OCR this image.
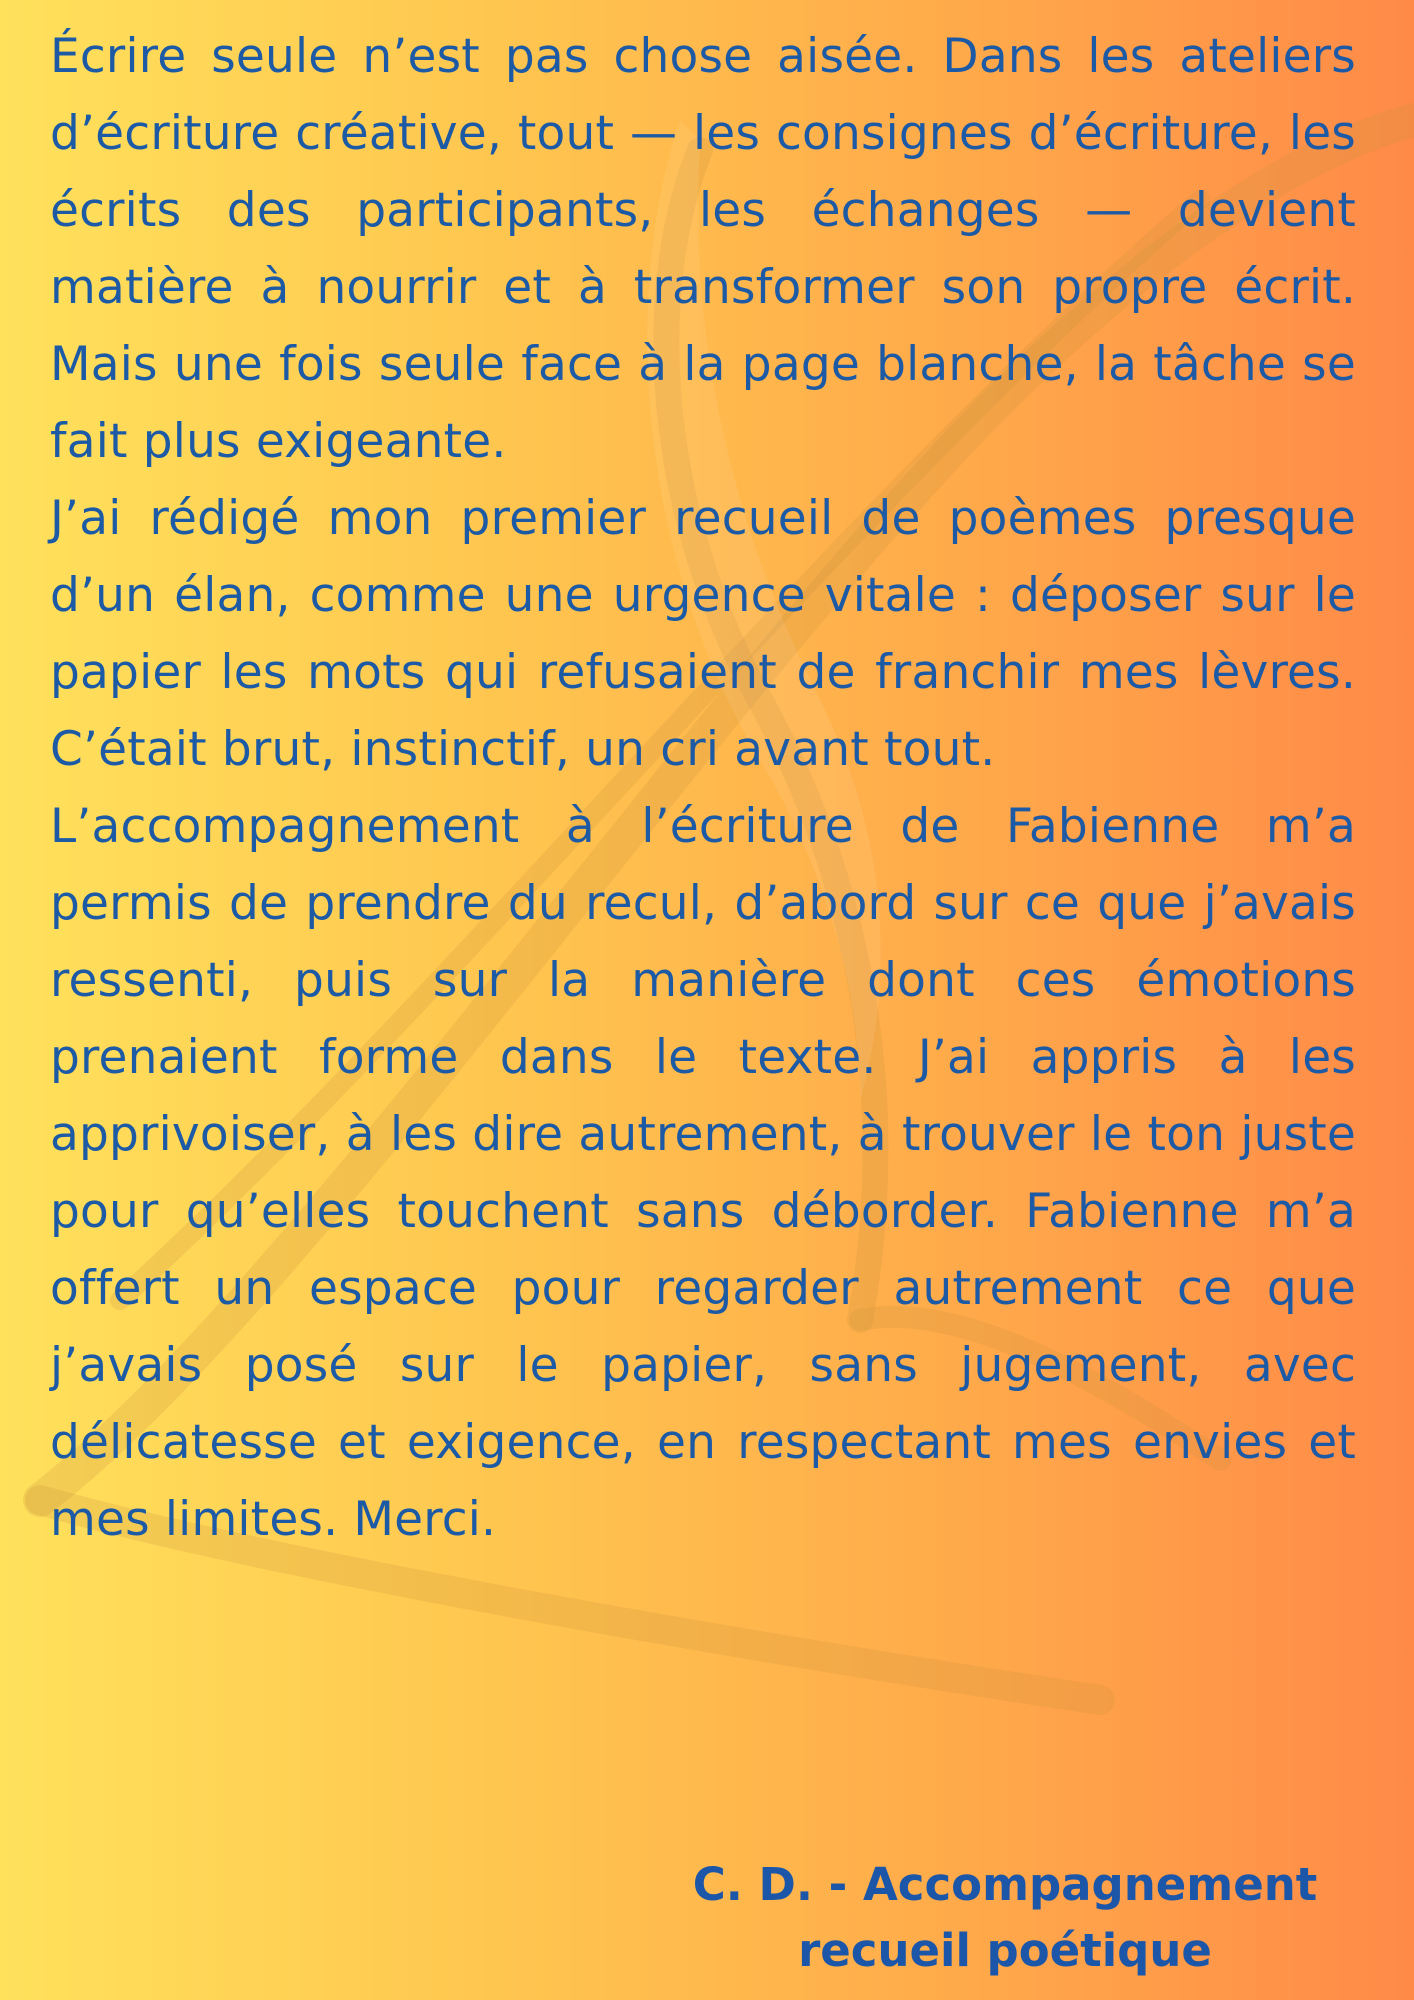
Écrire seule n’est pas chose aisée. Dans les ateliers d’écriture créative, tout — les consignes d’écriture, les écrits des participants, les échanges — devient matière à nourrir et à transformer son propre écrit. Mais une fois seule face à la page blanche, la tâche se fait plus exigeante.

J’ai rédigé mon premier recueil de poèmes presque d’un élan, comme une urgence vitale : déposer sur le papier les mots qui refusaient de franchir mes lèvres. C’était brut, instinctif, un cri avant tout.

L’accompagnement à l’écriture de Fabienne m’a permis de prendre du recul, d’abord sur ce que j’avais ressenti, puis sur la manière dont ces émotions prenaient forme dans le texte. J’ai appris à les apprivoiser, à les dire autrement, à trouver le ton juste pour qu’elles touchent sans déborder. Fabienne m’a offert un espace pour regarder autrement ce que j’avais posé sur le papier, sans jugement, avec délicatesse et exigence, en respectant mes envies et mes limites. Merci.

C. D. - Accompagnement
recueil poétique
